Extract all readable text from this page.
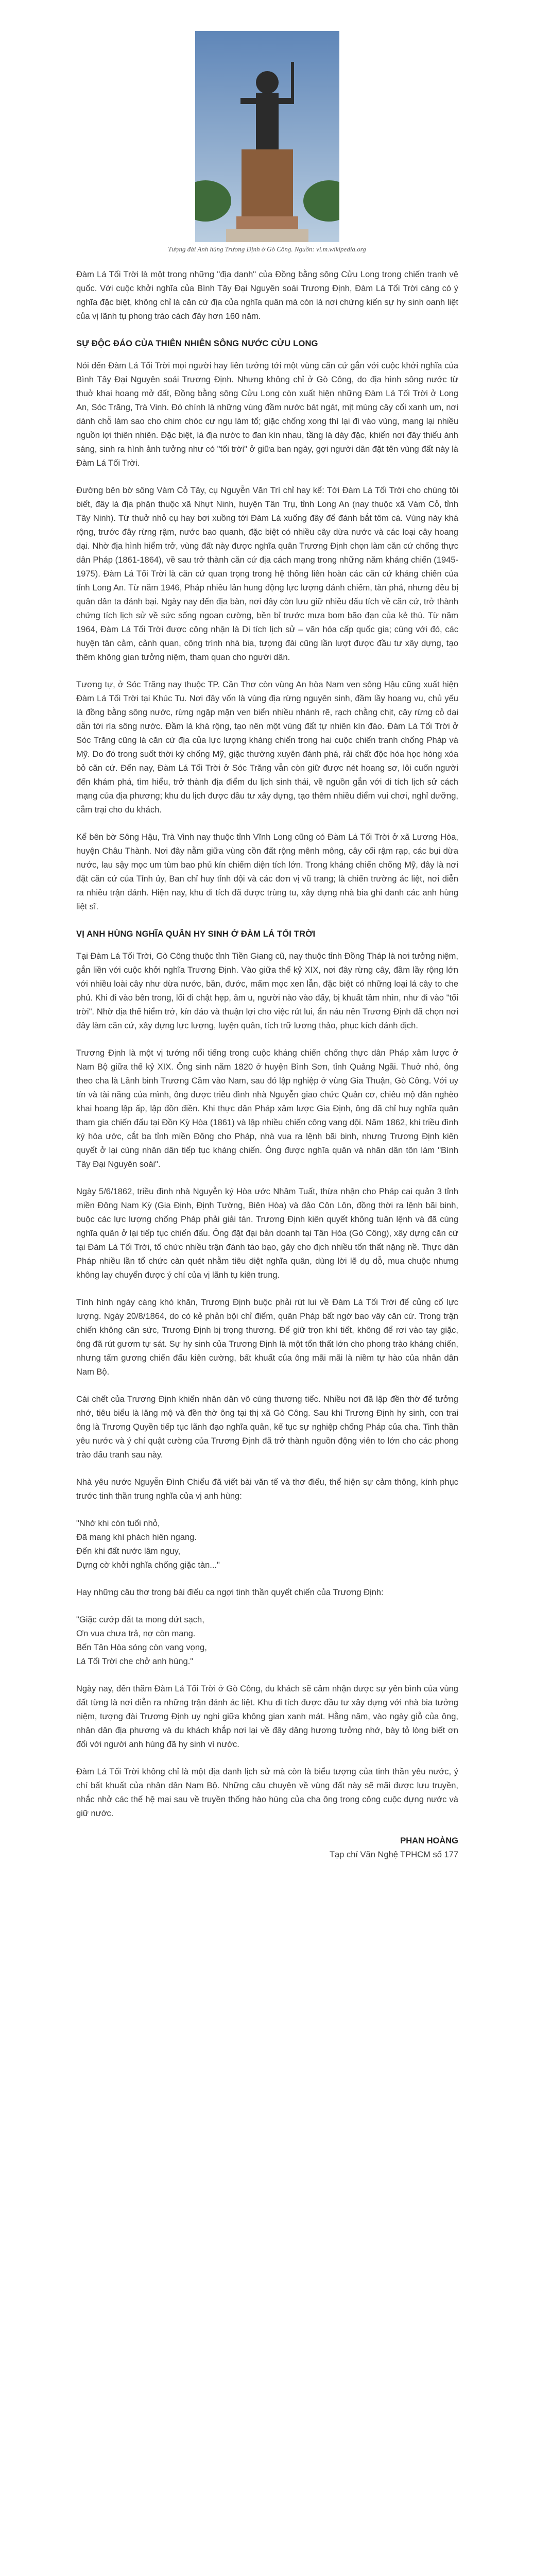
Tượng đài Anh hùng Trương Định ở Gò Công. Nguồn: vi.m.wikipedia.org

Đàm Lá Tối Trời là một trong những "địa danh" của Đồng bằng sông Cửu Long trong chiến tranh vệ quốc. Với cuộc khởi nghĩa của Bình Tây Đại Nguyên soái Trương Định, Đàm Lá Tối Trời càng có ý nghĩa đặc biệt, không chỉ là căn cứ địa của nghĩa quân mà còn là nơi chứng kiến sự hy sinh oanh liệt của vị lãnh tụ phong trào cách đây hơn 160 năm.

SỰ ĐỘC ĐÁO CỦA THIÊN NHIÊN SÔNG NƯỚC CỬU LONG

Nói đến Đàm Lá Tối Trời mọi người hay liên tưởng tới một vùng căn cứ gắn với cuộc khởi nghĩa của Bình Tây Đại Nguyên soái Trương Định. Nhưng không chỉ ở Gò Công, do địa hình sông nước từ thuở khai hoang mở đất, Đồng bằng sông Cửu Long còn xuất hiện những Đàm Lá Tối Trời ở Long An, Sóc Trăng, Trà Vinh. Đó chính là những vùng đầm nước bát ngát, mịt mùng cây cối xanh um, nơi dành chỗ làm sao cho chim chóc cư ngụ làm tổ; giặc chống xong thì lại đi vào vùng, mang lại nhiều nguồn lợi thiên nhiên. Đặc biệt, là địa nước to đan kín nhau, tầng lá dày đặc, khiến nơi đây thiếu ánh sáng, sinh ra hình ảnh tưởng như có "tối trời" ở giữa ban ngày, gợi người dân đặt tên vùng đất này là Đàm Lá Tối Trời.

Đường bên bờ sông Vàm Cỏ Tây, cụ Nguyễn Văn Trí chỉ hay kể: Tới Đàm Lá Tối Trời cho chúng tôi biết, đây là địa phận thuộc xã Nhựt Ninh, huyện Tân Trụ, tỉnh Long An (nay thuộc xã Vàm Cỏ, tỉnh Tây Ninh). Từ thuở nhỏ cụ hay bơi xuồng tới Đàm Lá xuống đây để đánh bắt tôm cá. Vùng này khá rộng, trước đây rừng rậm, nước bao quanh, đặc biệt có nhiều cây dừa nước và các loại cây hoang dại. Nhờ địa hình hiểm trở, vùng đất này được nghĩa quân Trương Định chọn làm căn cứ chống thực dân Pháp (1861-1864), về sau trở thành căn cứ địa cách mạng trong những năm kháng chiến (1945-1975). Đàm Lá Tối Trời là căn cứ quan trọng trong hệ thống liên hoàn các căn cứ kháng chiến của tỉnh Long An. Từ năm 1946, Pháp nhiều lần hung động lực lượng đánh chiếm, tàn phá, nhưng đều bị quân dân ta đánh bại. Ngày nay đến địa bàn, nơi đây còn lưu giữ nhiều dấu tích về căn cứ, trở thành chứng tích lịch sử về sức sống ngoan cường, bền bỉ trước mưa bom bão đạn của kẻ thù. Từ năm 1964, Đàm Lá Tối Trời được công nhận là Di tích lịch sử – văn hóa cấp quốc gia; cùng với đó, các huyện tân cảm, cảnh quan, công trình nhà bia, tượng đài cũng lần lượt được đầu tư xây dựng, tạo thêm không gian tưởng niệm, tham quan cho người dân.

Tương tự, ở Sóc Trăng nay thuộc TP. Cần Thơ còn vùng An hòa Nam ven sông Hậu cũng xuất hiện Đàm Lá Tối Trời tại Khúc Tu. Nơi đây vốn là vùng địa rừng nguyên sinh, đầm lầy hoang vu, chủ yếu là đồng bằng sông nước, rừng ngập mặn ven biển nhiều nhánh rẽ, rạch chằng chịt, cây rừng cỏ dại dẫn tới rìa sông nước. Đầm lá khá rộng, tạo nên một vùng đất tự nhiên kín đáo. Đàm Lá Tối Trời ở Sóc Trăng cũng là căn cứ địa của lực lượng kháng chiến trong hai cuộc chiến tranh chống Pháp và Mỹ. Do đó trong suốt thời kỳ chống Mỹ, giặc thường xuyên đánh phá, rải chất độc hóa học hòng xóa bỏ căn cứ. Đến nay, Đàm Lá Tối Trời ở Sóc Trăng vẫn còn giữ được nét hoang sơ, lôi cuốn người đến khám phá, tìm hiểu, trở thành địa điểm du lịch sinh thái, về nguồn gắn với di tích lịch sử cách mạng của địa phương; khu du lịch được đầu tư xây dựng, tạo thêm nhiều điểm vui chơi, nghỉ dưỡng, cắm trại cho du khách.

Kể bên bờ Sông Hậu, Trà Vinh nay thuộc tỉnh Vĩnh Long cũng có Đàm Lá Tối Trời ở xã Lương Hòa, huyện Châu Thành. Nơi đây nằm giữa vùng cồn đất rộng mênh mông, cây cối rậm rạp, các bụi dừa nước, lau sậy mọc um tùm bao phủ kín chiếm diện tích lớn. Trong kháng chiến chống Mỹ, đây là nơi đặt căn cứ của Tỉnh ủy, Ban chỉ huy tỉnh đội và các đơn vị vũ trang; là chiến trường ác liệt, nơi diễn ra nhiều trận đánh. Hiện nay, khu di tích đã được trùng tu, xây dựng nhà bia ghi danh các anh hùng liệt sĩ.

VỊ ANH HÙNG NGHĨA QUÂN HY SINH Ở ĐÀM LÁ TỐI TRỜI

Tại Đàm Lá Tối Trời, Gò Công thuộc tỉnh Tiền Giang cũ, nay thuộc tỉnh Đồng Tháp là nơi tưởng niệm, gắn liền với cuộc khởi nghĩa Trương Định. Vào giữa thế kỷ XIX, nơi đây rừng cây, đầm lầy rộng lớn với nhiều loài cây như dừa nước, bần, đước, mấm mọc xen lẫn, đặc biệt có những loại lá cây to che phủ. Khi đi vào bên trong, lối đi chật hẹp, âm u, người nào vào đấy, bị khuất tầm nhìn, như đi vào "tối trời". Nhờ địa thế hiểm trở, kín đáo và thuận lợi cho việc rút lui, ẩn náu nên Trương Định đã chọn nơi đây làm căn cứ, xây dựng lực lượng, luyện quân, tích trữ lương thảo, phục kích đánh địch.

Trương Định là một vị tướng nổi tiếng trong cuộc kháng chiến chống thực dân Pháp xâm lược ở Nam Bộ giữa thế kỷ XIX. Ông sinh năm 1820 ở huyện Bình Sơn, tỉnh Quảng Ngãi. Thuở nhỏ, ông theo cha là Lãnh binh Trương Cầm vào Nam, sau đó lập nghiệp ở vùng Gia Thuận, Gò Công. Với uy tín và tài năng của mình, ông được triều đình nhà Nguyễn giao chức Quản cơ, chiêu mộ dân nghèo khai hoang lập ấp, lập đồn điền. Khi thực dân Pháp xâm lược Gia Định, ông đã chỉ huy nghĩa quân tham gia chiến đấu tại Đồn Kỳ Hòa (1861) và lập nhiều chiến công vang dội. Năm 1862, khi triều đình ký hòa ước, cắt ba tỉnh miền Đông cho Pháp, nhà vua ra lệnh bãi binh, nhưng Trương Định kiên quyết ở lại cùng nhân dân tiếp tục kháng chiến. Ông được nghĩa quân và nhân dân tôn làm "Bình Tây Đại Nguyên soái".

Ngày 5/6/1862, triều đình nhà Nguyễn ký Hòa ước Nhâm Tuất, thừa nhận cho Pháp cai quản 3 tỉnh miền Đông Nam Kỳ (Gia Định, Định Tường, Biên Hòa) và đảo Côn Lôn, đồng thời ra lệnh bãi binh, buộc các lực lượng chống Pháp phải giải tán. Trương Định kiên quyết không tuân lệnh và đã cùng nghĩa quân ở lại tiếp tục chiến đấu. Ông đặt đại bản doanh tại Tân Hòa (Gò Công), xây dựng căn cứ tại Đàm Lá Tối Trời, tổ chức nhiều trận đánh táo bạo, gây cho địch nhiều tổn thất nặng nề. Thực dân Pháp nhiều lần tổ chức càn quét nhằm tiêu diệt nghĩa quân, dùng lời lẽ dụ dỗ, mua chuộc nhưng không lay chuyển được ý chí của vị lãnh tụ kiên trung.

Tình hình ngày càng khó khăn, Trương Định buộc phải rút lui về Đàm Lá Tối Trời để củng cố lực lượng. Ngày 20/8/1864, do có kẻ phản bội chỉ điểm, quân Pháp bất ngờ bao vây căn cứ. Trong trận chiến không cân sức, Trương Định bị trọng thương. Để giữ trọn khí tiết, không để rơi vào tay giặc, ông đã rút gươm tự sát. Sự hy sinh của Trương Định là một tổn thất lớn cho phong trào kháng chiến, nhưng tấm gương chiến đấu kiên cường, bất khuất của ông mãi mãi là niềm tự hào của nhân dân Nam Bộ.

Cái chết của Trương Định khiến nhân dân vô cùng thương tiếc. Nhiều nơi đã lập đền thờ để tưởng nhớ, tiêu biểu là lăng mộ và đền thờ ông tại thị xã Gò Công. Sau khi Trương Định hy sinh, con trai ông là Trương Quyền tiếp tục lãnh đạo nghĩa quân, kế tục sự nghiệp chống Pháp của cha. Tinh thần yêu nước và ý chí quật cường của Trương Định đã trở thành nguồn động viên to lớn cho các phong trào đấu tranh sau này.

Nhà yêu nước Nguyễn Đình Chiểu đã viết bài văn tế và thơ điếu, thể hiện sự cảm thông, kính phục trước tinh thần trung nghĩa của vị anh hùng:

"Nhớ khi còn tuổi nhỏ,
Đã mang khí phách hiên ngang.
Đến khi đất nước lâm nguy,
Dựng cờ khởi nghĩa chống giặc tàn..."

Hay những câu thơ trong bài điếu ca ngợi tinh thần quyết chiến của Trương Định:

"Giặc cướp đất ta mong dứt sạch,
Ơn vua chưa trả, nợ còn mang.
Bến Tân Hòa sóng còn vang vọng,
Lá Tối Trời che chở anh hùng."

Ngày nay, đến thăm Đàm Lá Tối Trời ở Gò Công, du khách sẽ cảm nhận được sự yên bình của vùng đất từng là nơi diễn ra những trận đánh ác liệt. Khu di tích được đầu tư xây dựng với nhà bia tưởng niệm, tượng đài Trương Định uy nghi giữa không gian xanh mát. Hằng năm, vào ngày giỗ của ông, nhân dân địa phương và du khách khắp nơi lại về đây dâng hương tưởng nhớ, bày tỏ lòng biết ơn đối với người anh hùng đã hy sinh vì nước.

Đàm Lá Tối Trời không chỉ là một địa danh lịch sử mà còn là biểu tượng của tinh thần yêu nước, ý chí bất khuất của nhân dân Nam Bộ. Những câu chuyện về vùng đất này sẽ mãi được lưu truyền, nhắc nhở các thế hệ mai sau về truyền thống hào hùng của cha ông trong công cuộc dựng nước và giữ nước.

PHAN HOÀNG
Tạp chí Văn Nghệ TPHCM số 177
